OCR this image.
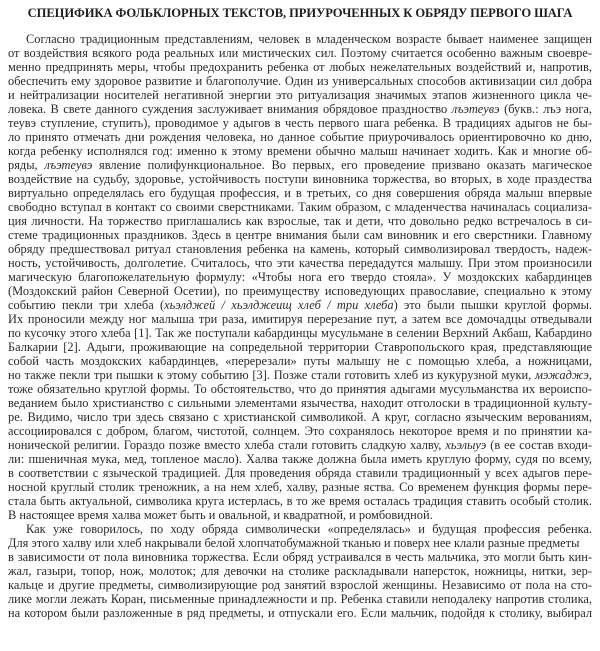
СПЕЦИФИКА ФОЛЬКЛОРНЫХ ТЕКСТОВ, ПРИУРОЧЕННЫХ К ОБРЯДУ ПЕРВОГО ШАГА
Согласно традиционным представлениям, человек в младенческом возрасте бывает наименее защищен
от воздействия всякого рода реальных или мистических сил. Поэтому считается особенно важным своевре-
менно предпринять меры, чтобы предохранить ребенка от любых нежелательных воздействий и, напротив,
обеспечить ему здоровое развитие и благополучие. Один из универсальных способов активизации сил добра
и нейтрализации носителей негативной энергии это ритуализация значимых этапов жизненного цикла че-
ловека. В свете данного суждения заслуживает внимания обрядовое праздноство лъэтеувэ (букв.: лъэ нога,
теувэ ступление, ступить), проводимое у адыгов в честь первого шага ребенка. В традициях адыгов не бы-
ло принято отмечать дни рождения человека, но данное событие приурочивалось ориентировочно ко дню,
когда ребенку исполнялся год: именно к этому времени обычно малыш начинает ходить. Как и многие об-
ряды, лъэтеувэ явление полифункциональное. Во первых, его проведение призвано оказать магическое
воздействие на судьбу, здоровье, устойчивость поступи виновника торжества, во вторых, в ходе праздества
виртуально определялась его будущая профессия, и в третьих, со дня совершения обряда малыш впервые
свободно вступал в контакт со своими сверстниками. Таким образом, с младенчества начиналась социализа-
ция личности. На торжество приглашались как взрослые, так и дети, что довольно редко встречалось в си-
стеме традиционных праздников. Здесь в центре внимания были сам виновник и его сверстники. Главному
обряду предшествовал ритуал становления ребенка на камень, который символизировал твердость, надеж-
ность, устойчивость, долголетие. Считалось, что эти качества передадутся малышу. При этом произносили
магическую благопожелательную формулу: «Чтобы нога его твердо стояла». У моздокских кабардинцев
(Моздокский район Северной Осетии), по преимуществу исповедующих православие, специально к этому
событию пекли три хлеба (хьэлджей / хьэлджеищ хлеб / три хлеба) это были пышки круглой формы.
Их проносили между ног малыша три раза, имитируя перерезание пут, а затем все домочадцы отведывали
по кусочку этого хлеба [1]. Так же поступали кабардинцы мусульмане в селении Верхний Акбаш, Кабардино
Балкарии [2]. Адыги, проживающие на сопредельной территории Ставропольского края, представляющие
собой часть моздокских кабардинцев, «перерезали» путы малышу не с помощью хлеба, а ножницами,
но также пекли три пышки к этому событию [3]. Позже стали готовить хлеб из кукурузной муки, мэжаджэ,
тоже обязательно круглой формы. То обстоятельство, что до принятия адыгами мусульманства их вероиспо-
веданием было христианство с сильными элементами язычества, находит отголоски в традиционной культу-
ре. Видимо, число три здесь связано с христианской символикой. А круг, согласно языческим верованиям,
ассоциировался с добром, благом, чистотой, солнцем. Это сохранялось некоторое время и по принятии ка-
нонической религии. Гораздо позже вместо хлеба стали готовить сладкую халву, хьэлыуэ (в ее состав входи-
ли: пшеничная мука, мед, топленое масло). Халва также должна была иметь круглую форму, судя по всему,
в соответствии с языческой традицией. Для проведения обряда ставили традиционный у всех адыгов пере-
носной круглый столик треножник, а на нем хлеб, халву, разные яства. Со временем функция формы пере-
стала быть актуальной, символика круга истерлась, в то же время осталась традиция ставить особый столик.
В настоящее время халва может быть и овальной, и квадратной, и ромбовидной.
Как уже говорилось, по ходу обряда символически «определялась» и будущая профессия ребенка.
Для этого халву или хлеб накрывали белой хлопчатобумажной тканью и поверх нее клали разные предметы
в зависимости от пола виновника торжества. Если обряд устраивался в честь мальчика, это могли быть кин-
жал, газыри, топор, нож, молоток; для девочки на столике раскладывали наперсток, ножницы, нитки, зер-
кальце и другие предметы, символизирующие род занятий взрослой женщины. Независимо от пола на сто-
лике могли лежать Коран, письменные принадлежности и пр. Ребенка ставили неподалеку напротив столика,
на котором были разложенные в ряд предметы, и отпускали его. Если мальчик, подойдя к столику, выбирал
